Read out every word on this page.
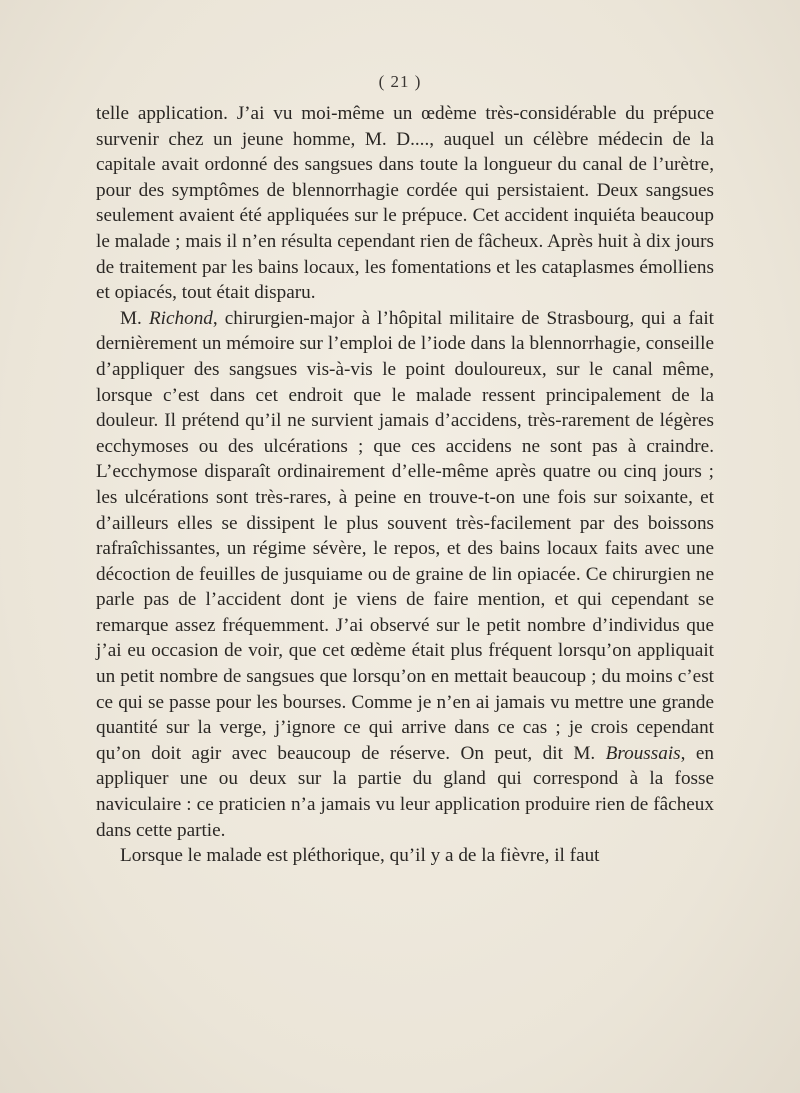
( 21 )

telle application. J’ai vu moi-même un œdème très-considérable du prépuce survenir chez un jeune homme, M. D...., auquel un célèbre médecin de la capitale avait ordonné des sangsues dans toute la longueur du canal de l’urètre, pour des symptômes de blennorrhagie cordée qui persistaient. Deux sangsues seulement avaient été appliquées sur le prépuce. Cet accident inquiéta beaucoup le malade ; mais il n’en résulta cependant rien de fâcheux. Après huit à dix jours de traitement par les bains locaux, les fomentations et les cataplasmes émolliens et opiacés, tout était disparu.

M. Richond, chirurgien-major à l’hôpital militaire de Strasbourg, qui a fait dernièrement un mémoire sur l’emploi de l’iode dans la blennorrhagie, conseille d’appliquer des sangsues vis-à-vis le point douloureux, sur le canal même, lorsque c’est dans cet endroit que le malade ressent principalement de la douleur. Il prétend qu’il ne survient jamais d’accidens, très-rarement de légères ecchymoses ou des ulcérations ; que ces accidens ne sont pas à craindre. L’ecchymose disparaît ordinairement d’elle-même après quatre ou cinq jours ; les ulcérations sont très-rares, à peine en trouve-t-on une fois sur soixante, et d’ailleurs elles se dissipent le plus souvent très-facilement par des boissons rafraîchissantes, un régime sévère, le repos, et des bains locaux faits avec une décoction de feuilles de jusquiame ou de graine de lin opiacée. Ce chirurgien ne parle pas de l’accident dont je viens de faire mention, et qui cependant se remarque assez fréquemment. J’ai observé sur le petit nombre d’individus que j’ai eu occasion de voir, que cet œdème était plus fréquent lorsqu’on appliquait un petit nombre de sangsues que lorsqu’on en mettait beaucoup ; du moins c’est ce qui se passe pour les bourses. Comme je n’en ai jamais vu mettre une grande quantité sur la verge, j’ignore ce qui arrive dans ce cas ; je crois cependant qu’on doit agir avec beaucoup de réserve. On peut, dit M. Broussais, en appliquer une ou deux sur la partie du gland qui correspond à la fosse naviculaire : ce praticien n’a jamais vu leur application produire rien de fâcheux dans cette partie.

Lorsque le malade est pléthorique, qu’il y a de la fièvre, il faut
